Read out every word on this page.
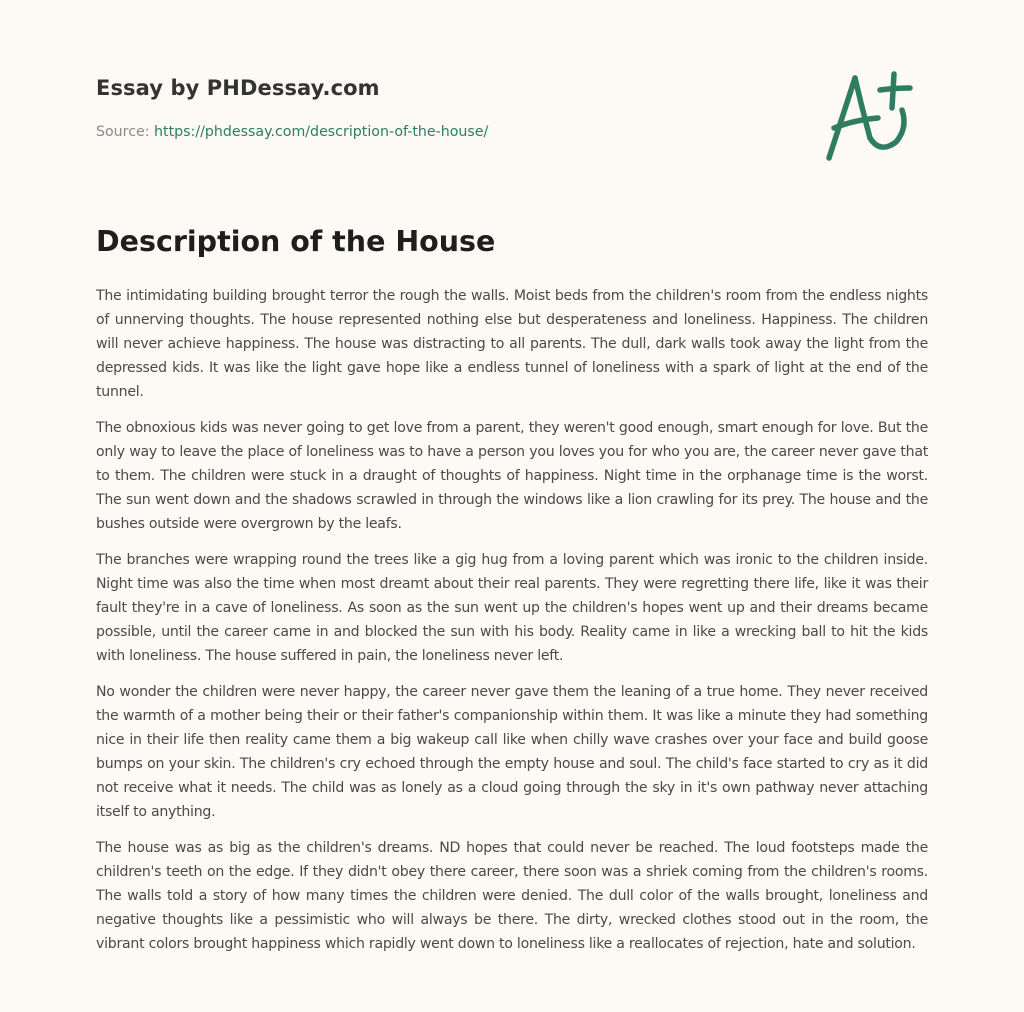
Essay by PHDessay.com
Source: https://phdessay.com/description-of-the-house/
Description of the House

The intimidating building brought terror the rough the walls. Moist beds from the children's room from the endless nights of unnerving thoughts. The house represented nothing else but desperateness and loneliness. Happiness. The children will never achieve happiness. The house was distracting to all parents. The dull, dark walls took away the light from the depressed kids. It was like the light gave hope like a endless tunnel of loneliness with a spark of light at the end of the tunnel.

The obnoxious kids was never going to get love from a parent, they weren't good enough, smart enough for love. But the only way to leave the place of loneliness was to have a person you loves you for who you are, the career never gave that to them. The children were stuck in a draught of thoughts of happiness. Night time in the orphanage time is the worst. The sun went down and the shadows scrawled in through the windows like a lion crawling for its prey. The house and the bushes outside were overgrown by the leafs.

The branches were wrapping round the trees like a gig hug from a loving parent which was ironic to the children inside. Night time was also the time when most dreamt about their real parents. They were regretting there life, like it was their fault they're in a cave of loneliness. As soon as the sun went up the children's hopes went up and their dreams became possible, until the career came in and blocked the sun with his body. Reality came in like a wrecking ball to hit the kids with loneliness. The house suffered in pain, the loneliness never left.

No wonder the children were never happy, the career never gave them the leaning of a true home. They never received the warmth of a mother being their or their father's companionship within them. It was like a minute they had something nice in their life then reality came them a big wakeup call like when chilly wave crashes over your face and build goose bumps on your skin. The children's cry echoed through the empty house and soul. The child's face started to cry as it did not receive what it needs. The child was as lonely as a cloud going through the sky in it's own pathway never attaching itself to anything.

The house was as big as the children's dreams. ND hopes that could never be reached. The loud footsteps made the children's teeth on the edge. If they didn't obey there career, there soon was a shriek coming from the children's rooms. The walls told a story of how many times the children were denied. The dull color of the walls brought, loneliness and negative thoughts like a pessimistic who will always be there. The dirty, wrecked clothes stood out in the room, the vibrant colors brought happiness which rapidly went down to loneliness like a reallocates of rejection, hate and solution.
